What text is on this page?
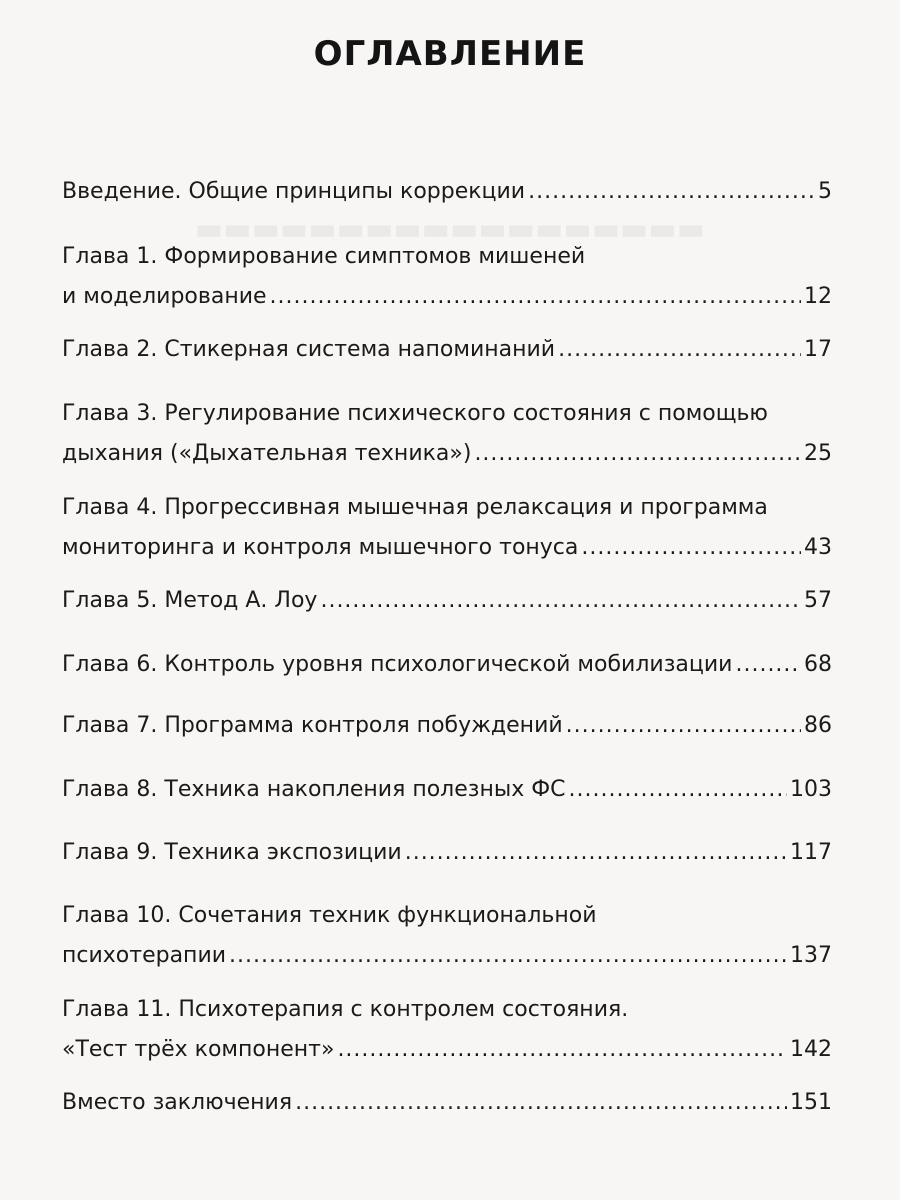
▬▬▬▬▬▬▬▬▬▬▬▬▬▬▬▬▬▬
ОГЛАВЛЕНИЕ
Введение. Общие принципы коррекции .....	5
Глава 1. Формирование симптомов мишеней
и моделирование .....	12
Глава 2. Стикерная система напоминаний .....	17
Глава 3. Регулирование психического состояния с помощью
дыхания («Дыхательная техника») .....	25
Глава 4. Прогрессивная мышечная релаксация и программа
мониторинга и контроля мышечного тонуса .....	43
Глава 5. Метод А. Лоу .....	57
Глава 6. Контроль уровня психологической мобилизации .....	68
Глава 7. Программа контроля побуждений .....	86
Глава 8. Техника накопления полезных ФС .....	103
Глава 9. Техника экспозиции .....	117
Глава 10. Сочетания техник функциональной
психотерапии .....	137
Глава 11. Психотерапия с контролем состояния.
«Тест трёх компонент» .....	142
Вместо заключения .....	151
